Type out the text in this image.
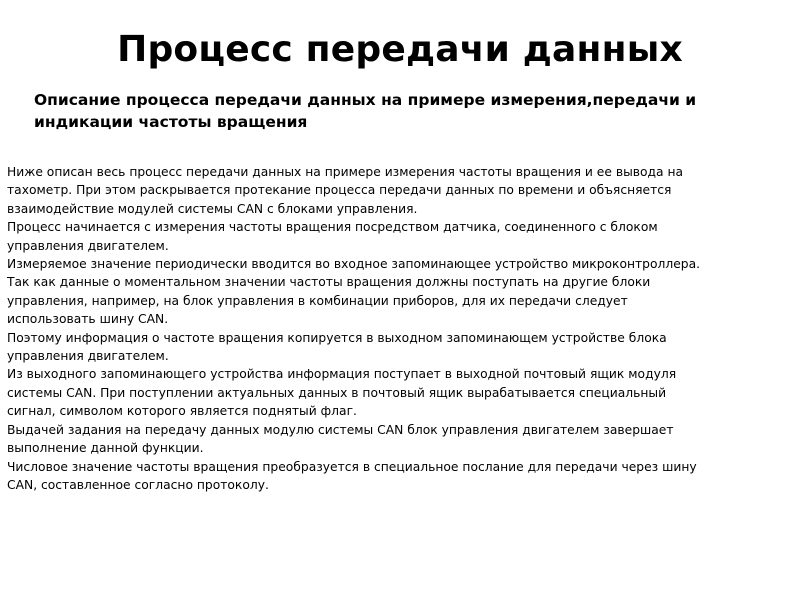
Процесс передачи данных
Описание процесса передачи данных на примере измерения,передачи и
индикации частоты вращения
Ниже описан весь процесс передачи данных на примере измерения частоты вращения и ее вывода на
тахометр. При этом раскрывается протекание процесса передачи данных по времени и объясняется
взаимодействие модулей системы CAN с блоками управления.
Процесс начинается с измерения частоты вращения посредством датчика, соединенного с блоком
управления двигателем.
Измеряемое значение периодически вводится во входное запоминающее устройство микроконтроллера.
Так как данные о моментальном значении частоты вращения должны поступать на другие блоки
управления, например, на блок управления в комбинации приборов, для их передачи следует
использовать шину CAN.
Поэтому информация о частоте вращения копируется в выходном запоминающем устройстве блока
управления двигателем.
Из выходного запоминающего устройства информация поступает в выходной почтовый ящик модуля
системы CAN. При поступлении актуальных данных в почтовый ящик вырабатывается специальный
сигнал, символом которого является поднятый флаг.
Выдачей задания на передачу данных модулю системы CAN блок управления двигателем завершает
выполнение данной функции.
Числовое значение частоты вращения преобразуется в специальное послание для передачи через шину
CAN, составленное согласно протоколу.
